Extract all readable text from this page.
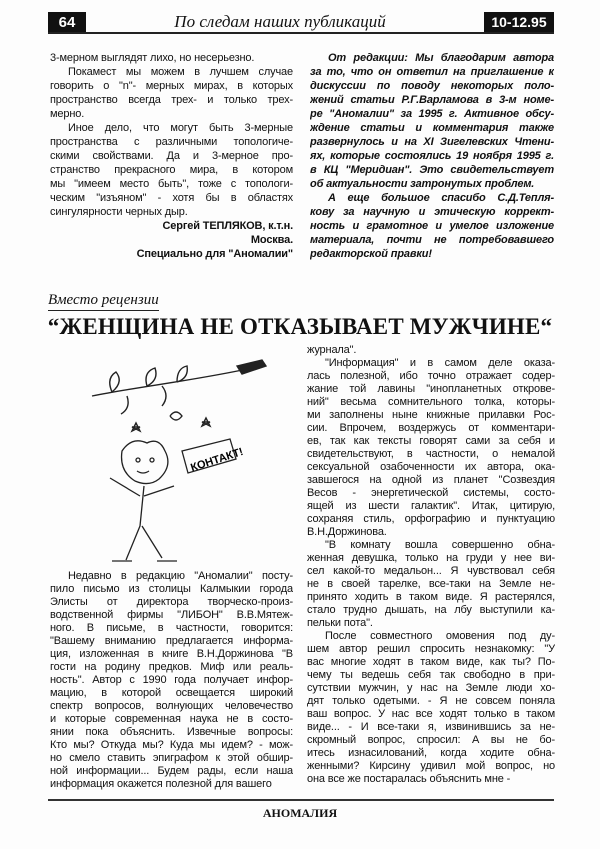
64	По следам наших публикаций	10-12.95
3-мерном выглядят лихо, но несерьезно.
Покамест мы можем в лучшем случае
говорить о "n"- мерных мирах, в которых
пространство всегда трех- и только трех-
мерно.
Иное дело, что могут быть 3-мерные
пространства с различными топологиче-
скими свойствами. Да и 3-мерное про-
странство прекрасного мира, в котором
мы "имеем место быть", тоже с топологи-
ческим "изъяном" - хотя бы в областях
сингулярности черных дыр.
Сергей ТЕПЛЯКОВ, к.т.н.
Москва.
Специально для "Аномалии"
От редакции: Мы благодарим автора
за то, что он ответил на приглашение к
дискуссии по поводу некоторых поло-
жений статьи Р.Г.Варламова в 3-м номе-
ре "Аномалии" за 1995 г. Активное обсу-
ждение статьи и комментария также
развернулось и на XI Зигелевских Чтени-
ях, которые состоялись 19 ноября 1995 г.
в КЦ "Меридиан". Это свидетельствует
об актуальности затронутых проблем.
А еще большое спасибо С.Д.Тепля-
кову за научную и этическую коррект-
ность и грамотное и умелое изложение
материала, почти не потребовавшего
редакторской правки!
Вместо рецензии
“ЖЕНЩИНА НЕ ОТКАЗЫВАЕТ МУЖЧИНЕ“
КОНТАКТ!
Недавно в редакцию "Аномалии" посту-
пило письмо из столицы Калмыкии города
Элисты от директора творческо-произ-
водственной фирмы "ЛИБОН" В.В.Мятеж-
ного. В письме, в частности, говорится:
"Вашему вниманию предлагается информа-
ция, изложенная в книге В.Н.Доржинова "В
гости на родину предков. Миф или реаль-
ность". Автор с 1990 года получает инфор-
мацию, в которой освещается широкий
спектр вопросов, волнующих человечество
и которые современная наука не в состо-
янии пока объяснить. Извечные вопросы:
Кто мы? Откуда мы? Куда мы идем? - мож-
но смело ставить эпиграфом к этой обшир-
ной информации... Будем рады, если наша
информация окажется полезной для вашего
журнала".
"Информация" и в самом деле оказа-
лась полезной, ибо точно отражает содер-
жание той лавины "инопланетных открове-
ний" весьма сомнительного толка, которы-
ми заполнены ныне книжные прилавки Рос-
сии. Впрочем, воздержусь от комментари-
ев, так как тексты говорят сами за себя и
свидетельствуют, в частности, о немалой
сексуальной озабоченности их автора, ока-
завшегося на одной из планет "Созвездия
Весов - энергетической системы, состо-
ящей из шести галактик". Итак, цитирую,
сохраняя стиль, орфографию и пунктуацию
В.Н.Доржинова.
"В комнату вошла совершенно обна-
женная девушка, только на груди у нее ви-
сел какой-то медальон... Я чувствовал себя
не в своей тарелке, все-таки на Земле не-
принято ходить в таком виде. Я растерялся,
стало трудно дышать, на лбу выступили ка-
пельки пота".
После совместного омовения под ду-
шем автор решил спросить незнакомку: "У
вас многие ходят в таком виде, как ты? По-
чему ты ведешь себя так свободно в при-
сутствии мужчин, у нас на Земле люди хо-
дят только одетыми. - Я не совсем поняла
ваш вопрос. У нас все ходят только в таком
виде... - И все-таки я, извинившись за не-
скромный вопрос, спросил: А вы не бо-
итесь изнасилований, когда ходите обна-
женными? Кирсину удивил мой вопрос, но
она все же постаралась объяснить мне -
АНОМАЛИЯ
